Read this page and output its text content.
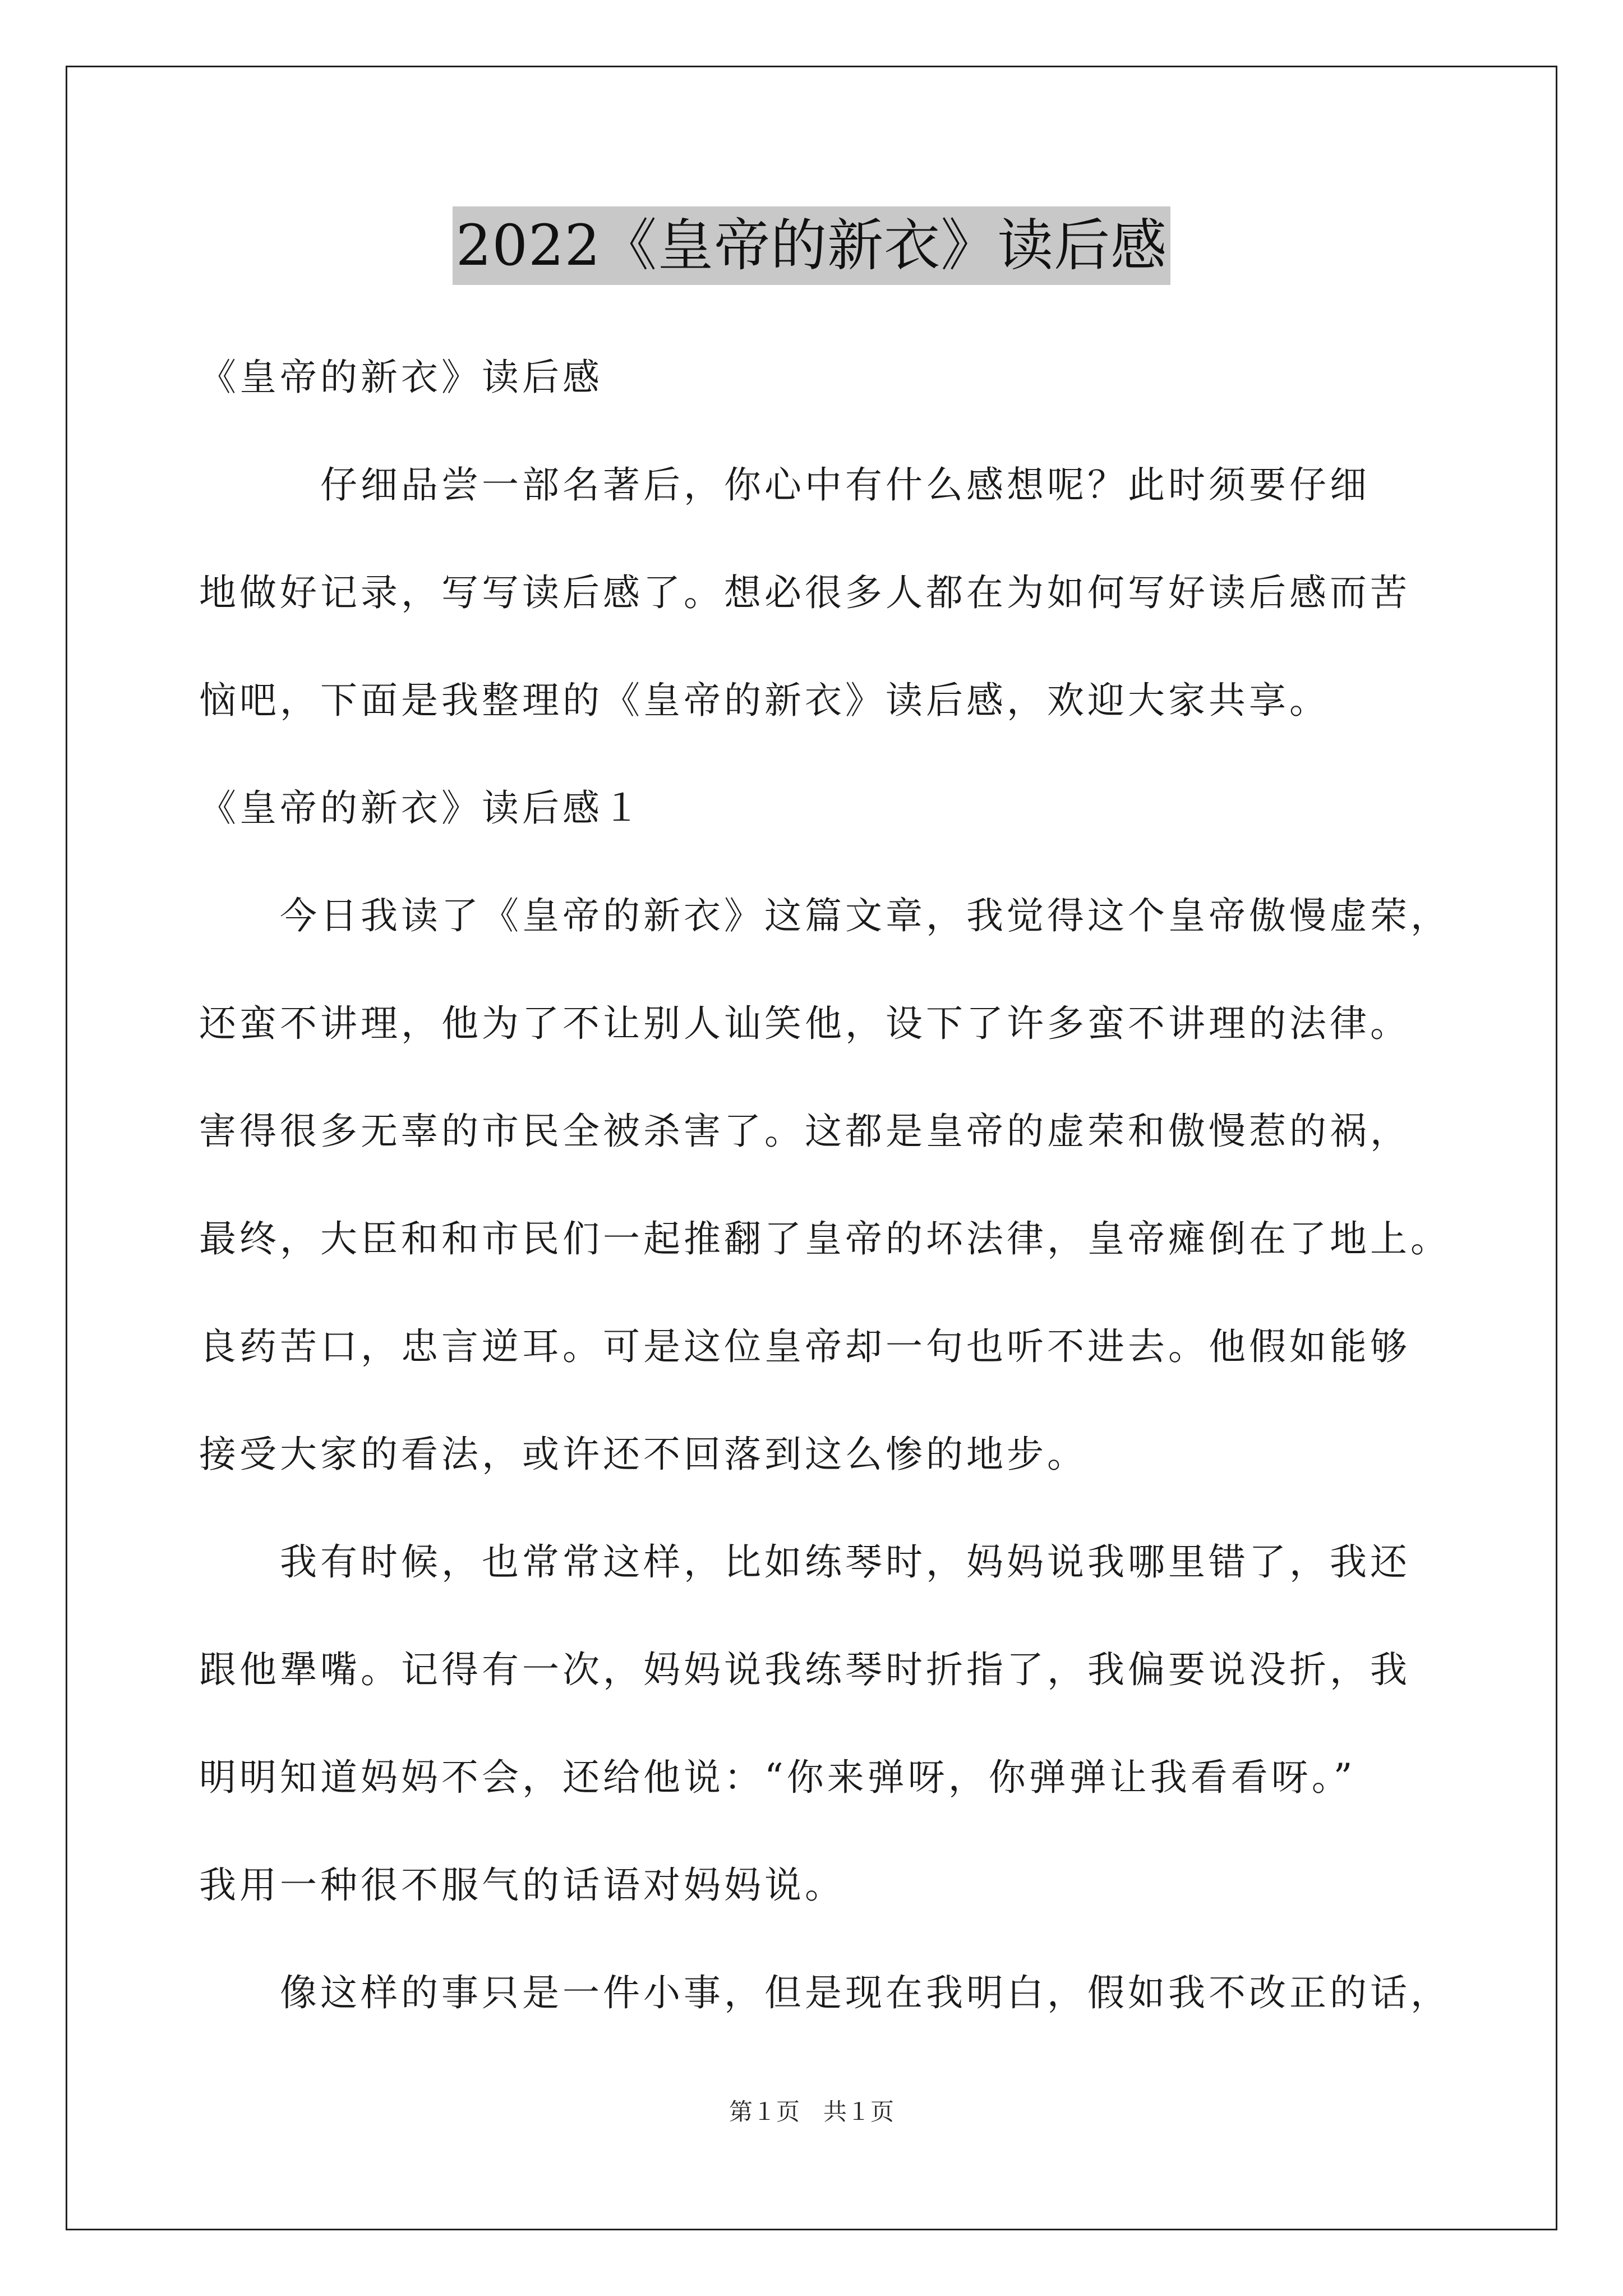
2022《皇帝的新衣》读后感
《皇帝的新衣》读后感
　　　仔细品尝一部名著后，你心中有什么感想呢？此时须要仔细
地做好记录，写写读后感了。想必很多人都在为如何写好读后感而苦
恼吧，下面是我整理的《皇帝的新衣》读后感，欢迎大家共享。
《皇帝的新衣》读后感１
　　今日我读了《皇帝的新衣》这篇文章，我觉得这个皇帝傲慢虚荣，
还蛮不讲理，他为了不让别人讪笑他，设下了许多蛮不讲理的法律。
害得很多无辜的市民全被杀害了。这都是皇帝的虚荣和傲慢惹的祸，
最终，大臣和和市民们一起推翻了皇帝的坏法律，皇帝瘫倒在了地上。
良药苦口，忠言逆耳。可是这位皇帝却一句也听不进去。他假如能够
接受大家的看法，或许还不回落到这么惨的地步。
　　我有时候，也常常这样，比如练琴时，妈妈说我哪里错了，我还
跟他犟嘴。记得有一次，妈妈说我练琴时折指了，我偏要说没折，我
明明知道妈妈不会，还给他说：“你来弹呀，你弹弹让我看看呀。”
我用一种很不服气的话语对妈妈说。
　　像这样的事只是一件小事，但是现在我明白，假如我不改正的话，
第１页　共１页
